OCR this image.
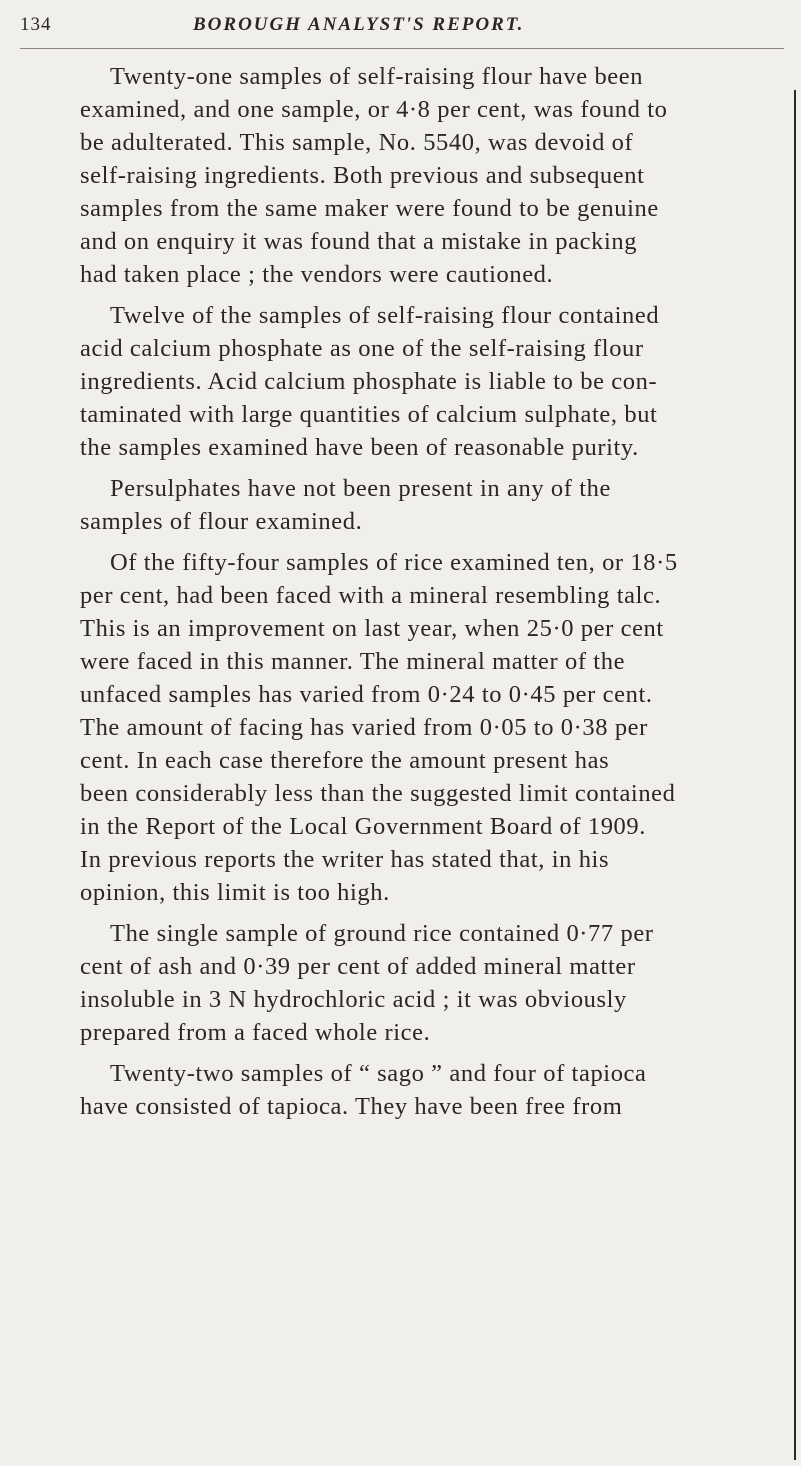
134	BOROUGH ANALYST'S REPORT.
Twenty-one samples of self-raising flour have been
examined, and one sample, or 4·8 per cent, was found to
be adulterated. This sample, No. 5540, was devoid of
self-raising ingredients. Both previous and subsequent
samples from the same maker were found to be genuine
and on enquiry it was found that a mistake in packing
had taken place ; the vendors were cautioned.
Twelve of the samples of self-raising flour contained
acid calcium phosphate as one of the self-raising flour
ingredients. Acid calcium phosphate is liable to be con-
taminated with large quantities of calcium sulphate, but
the samples examined have been of reasonable purity.
Persulphates have not been present in any of the
samples of flour examined.
Of the fifty-four samples of rice examined ten, or 18·5
per cent, had been faced with a mineral resembling talc.
This is an improvement on last year, when 25·0 per cent
were faced in this manner. The mineral matter of the
unfaced samples has varied from 0·24 to 0·45 per cent.
The amount of facing has varied from 0·05 to 0·38 per
cent. In each case therefore the amount present has
been considerably less than the suggested limit contained
in the Report of the Local Government Board of 1909.
In previous reports the writer has stated that, in his
opinion, this limit is too high.
The single sample of ground rice contained 0·77 per
cent of ash and 0·39 per cent of added mineral matter
insoluble in 3 N hydrochloric acid ; it was obviously
prepared from a faced whole rice.
Twenty-two samples of “ sago ” and four of tapioca
have consisted of tapioca. They have been free from
